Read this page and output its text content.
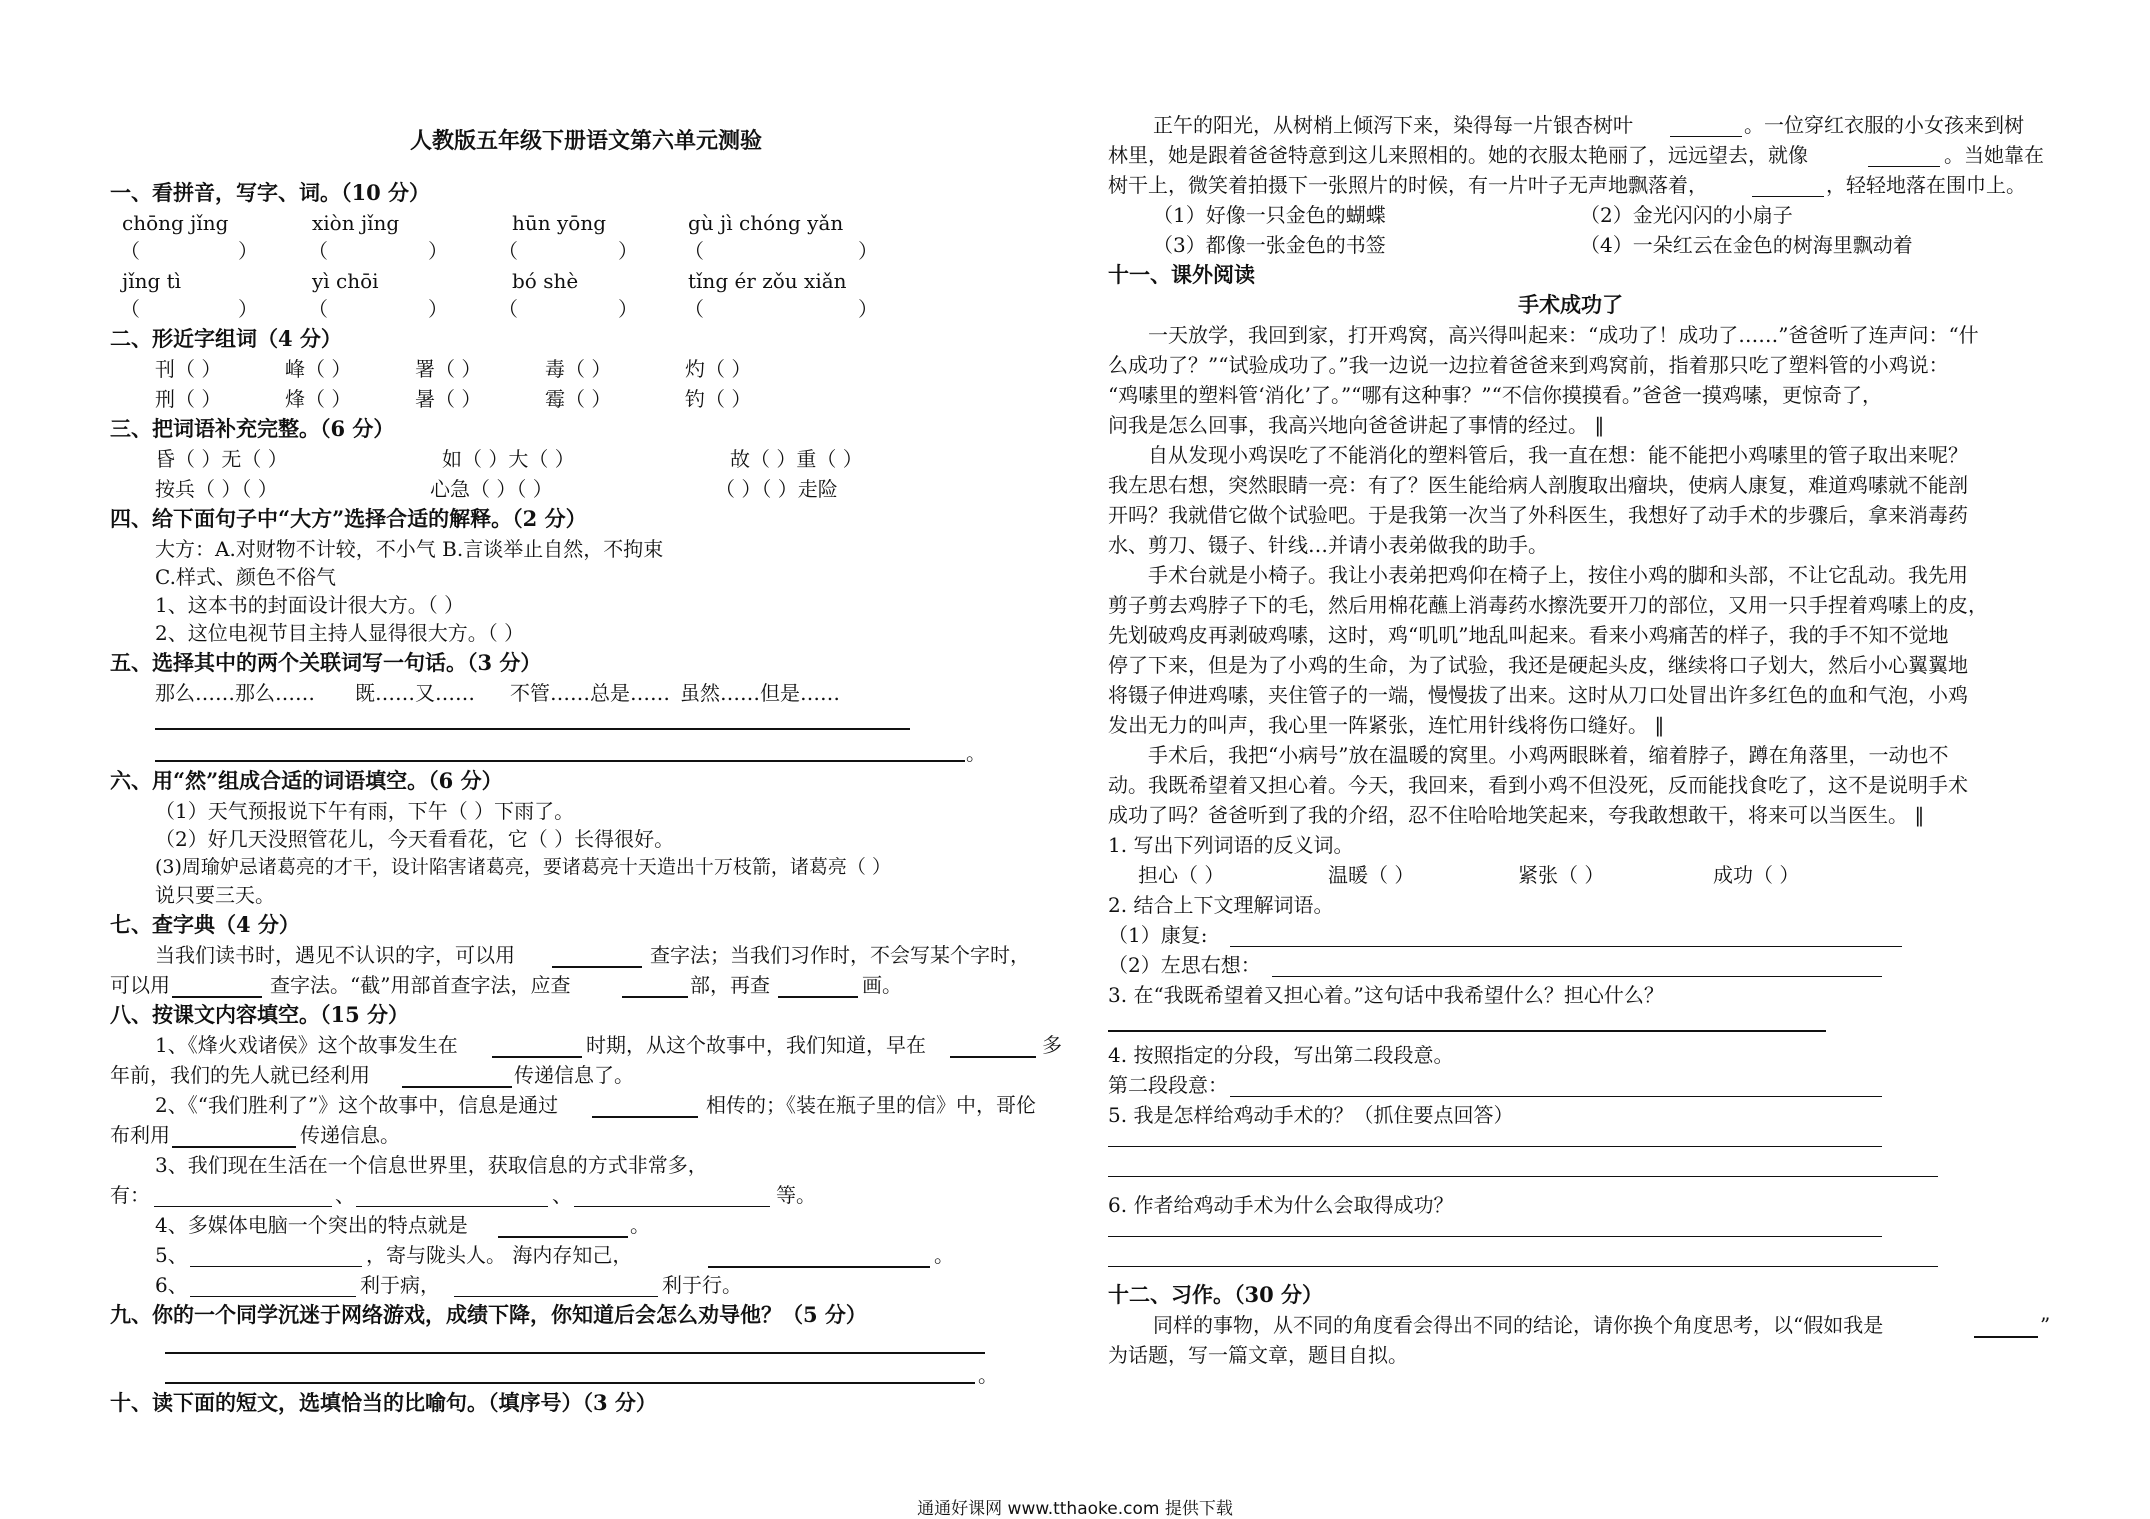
人教版五年级下册语文第六单元测验
一、看拼音，写字、词。（10 分）
chōng jǐng	xiòn jǐng	hūn yōng	gù jì chóng yǎn
（	）	（	）	（	） （	）
jǐng tì	yì chōi	bó shè	tǐng ér zǒu xiǎn
（	）	（	）	（	） （	）
二、形近字组词（4 分）
刊（ ）	峰（ ）	署（ ）	毒（ ）	灼（ ）
刑（ ）	烽（ ）	暑（ ）	霉（ ）	钓（ ）
三、把词语补充完整。（6 分）
昏（ ）无（ ）	如（ ）大（ ）	故（ ）重（ ）
按兵（ ）（ ）	心急（ ）（ ）	（ ）（ ）走险
四、给下面句子中“大方”选择合适的解释。（2 分）
大方：A.对财物不计较，不小气 B.言谈举止自然，不拘束
C.样式、颜色不俗气
1、这本书的封面设计很大方。（ ）
2、这位电视节目主持人显得很大方。（ ）
五、选择其中的两个关联词写一句话。（3 分）
那么……那么…… 既……又…… 不管……总是…… 虽然……但是……
。
六、用“然”组成合适的词语填空。（6 分）
（1）天气预报说下午有雨，下午（ ）下雨了。
（2）好几天没照管花儿，今天看看花，它（ ）长得很好。
(3)周瑜妒忌诸葛亮的才干，设计陷害诸葛亮，要诸葛亮十天造出十万枝箭，诸葛亮（ ）
说只要三天。
七、查字典（4 分）
当我们读书时，遇见不认识的字，可以用	查字法；当我们习作时，不会写某个字时，
可以用	查字法。“截”用部首查字法，应查	部，再查	画。
八、按课文内容填空。（15 分）
1、《烽火戏诸侯》这个故事发生在	时期，从这个故事中，我们知道，早在	多
年前，我们的先人就已经利用	传递信息了。
2、《“我们胜利了”》这个故事中，信息是通过	相传的；《装在瓶子里的信》中，哥伦
布利用	传递信息。
3、我们现在生活在一个信息世界里，获取信息的方式非常多，
有：	、	、	等。
4、多媒体电脑一个突出的特点就是	。
5、	，寄与陇头人。 海内存知己，	。
6、	利于病，	利于行。
九、你的一个同学沉迷于网络游戏，成绩下降，你知道后会怎么劝导他？（5 分）
。
十、读下面的短文，选填恰当的比喻句。（填序号）（3 分）
正午的阳光，从树梢上倾泻下来，染得每一片银杏树叶	。一位穿红衣服的小女孩来到树
林里，她是跟着爸爸特意到这儿来照相的。她的衣服太艳丽了，远远望去，就像	。当她靠在
树干上，微笑着拍摄下一张照片的时候，有一片叶子无声地飘落着，	，轻轻地落在围巾上。
（1）好像一只金色的蝴蝶	（2）金光闪闪的小扇子
（3）都像一张金色的书签	（4）一朵红云在金色的树海里飘动着
十一、课外阅读
手术成功了
一天放学，我回到家，打开鸡窝，高兴得叫起来：“成功了！成功了……”爸爸听了连声问：“什
么成功了？”“试验成功了。”我一边说一边拉着爸爸来到鸡窝前，指着那只吃了塑料管的小鸡说：
“鸡嗉里的塑料管‘消化’了。”“哪有这种事？”“不信你摸摸看。”爸爸一摸鸡嗉，更惊奇了，
问我是怎么回事，我高兴地向爸爸讲起了事情的经过。 ‖
自从发现小鸡误吃了不能消化的塑料管后，我一直在想：能不能把小鸡嗉里的管子取出来呢？
我左思右想，突然眼睛一亮：有了？医生能给病人剖腹取出瘤块，使病人康复，难道鸡嗉就不能剖
开吗？我就借它做个试验吧。于是我第一次当了外科医生，我想好了动手术的步骤后，拿来消毒药
水、剪刀、镊子、针线…并请小表弟做我的助手。
手术台就是小椅子。我让小表弟把鸡仰在椅子上，按住小鸡的脚和头部，不让它乱动。我先用
剪子剪去鸡脖子下的毛，然后用棉花蘸上消毒药水擦洗要开刀的部位，又用一只手捏着鸡嗉上的皮，
先划破鸡皮再剥破鸡嗉，这时，鸡“叽叽”地乱叫起来。看来小鸡痛苦的样子，我的手不知不觉地
停了下来，但是为了小鸡的生命，为了试验，我还是硬起头皮，继续将口子划大，然后小心翼翼地
将镊子伸进鸡嗉，夹住管子的一端，慢慢拔了出来。这时从刀口处冒出许多红色的血和气泡，小鸡
发出无力的叫声，我心里一阵紧张，连忙用针线将伤口缝好。 ‖
手术后，我把“小病号”放在温暖的窝里。小鸡两眼眯着，缩着脖子，蹲在角落里，一动也不
动。我既希望着又担心着。今天，我回来，看到小鸡不但没死，反而能找食吃了，这不是说明手术
成功了吗？爸爸听到了我的介绍，忍不住哈哈地笑起来，夸我敢想敢干，将来可以当医生。 ‖
1. 写出下列词语的反义词。
担心（ ）	温暖（ ）	紧张（ ）	成功（ ）
2. 结合上下文理解词语。
（1）康复:
（2）左思右想：
3. 在“我既希望着又担心着。”这句话中我希望什么？担心什么？
4. 按照指定的分段，写出第二段段意。
第二段段意：
5. 我是怎样给鸡动手术的？（抓住要点回答）
6. 作者给鸡动手术为什么会取得成功？
十二、习作。（30 分）
同样的事物，从不同的角度看会得出不同的结论，请你换个角度思考，以“假如我是	”
为话题，写一篇文章，题目自拟。
通通好课网 www.tthaoke.com 提供下载
